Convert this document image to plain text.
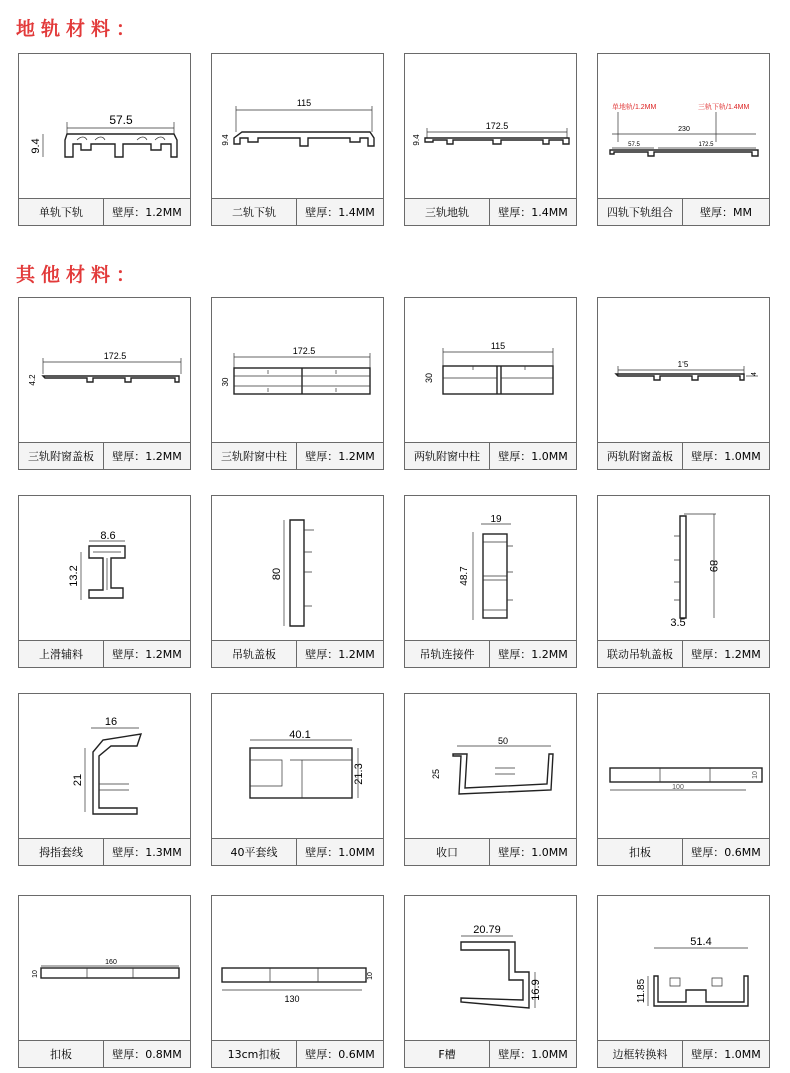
地轨材料：
其他材料：
57.5
9.4
单轨下轨	壁厚：1.2MM
115
9.4
二轨下轨	壁厚：1.4MM
172.5
9.4
三轨地轨	壁厚：1.4MM
单地轨/1.2MM	三轨下轨/1.4MM
230
172.5
57.5
四轨下轨组合	壁厚：MM
172.5
4.2
三轨附窗盖板	壁厚：1.2MM
172.5
30
三轨附窗中柱	壁厚：1.2MM
115
30
两轨附窗中柱	壁厚：1.0MM
1‘5
4
两轨附窗盖板	壁厚：1.0MM
8.6
13.2
上滑辅料	壁厚：1.2MM
80
吊轨盖板	壁厚：1.2MM
19
48.7
吊轨连接件	壁厚：1.2MM
89
3.5
联动吊轨盖板	壁厚：1.2MM
16
21
拇指套线	壁厚：1.3MM
40.1
21.3
40平套线	壁厚：1.0MM
50
25
收口	壁厚：1.0MM
100
10
扣板	壁厚：0.6MM
160
10
扣板	壁厚：0.8MM
130
10
13cm扣板	壁厚：0.6MM
20.79
16.9
F槽	壁厚：1.0MM
51.4
11.85
边框转换料	壁厚：1.0MM
